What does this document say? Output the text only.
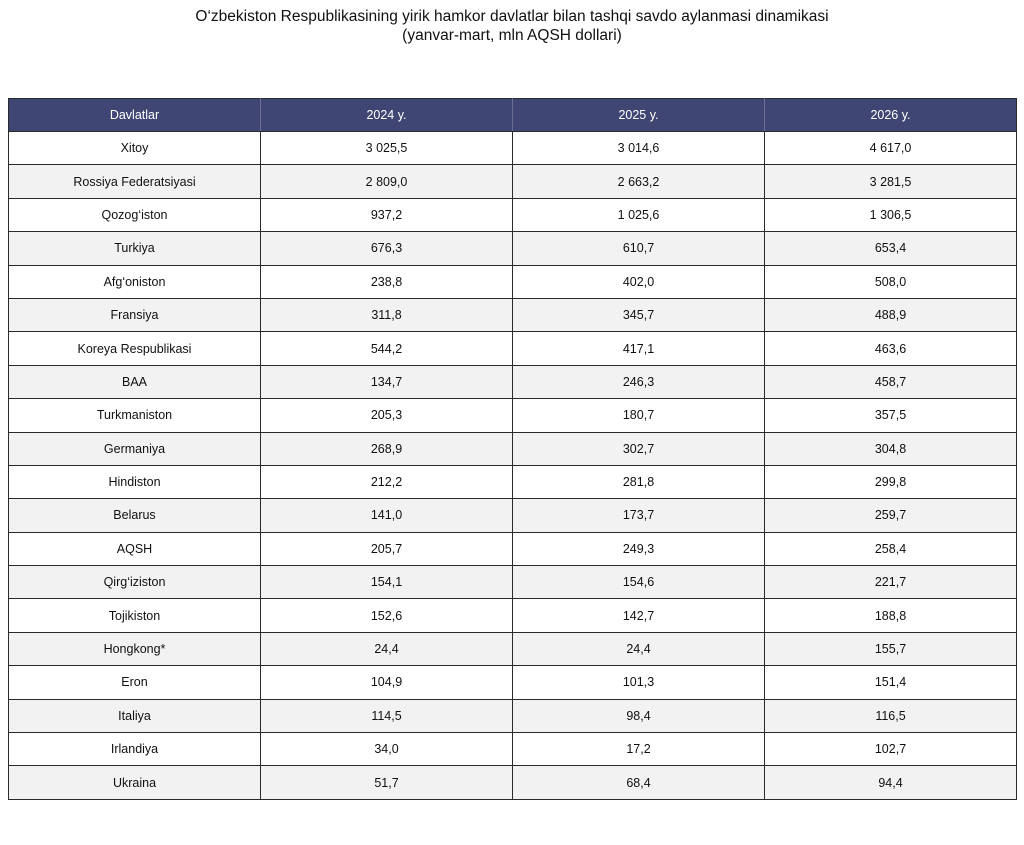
O‘zbekiston Respublikasining yirik hamkor davlatlar bilan tashqi savdo aylanmasi dinamikasi
(yanvar-mart, mln AQSH dollari)
Davlatlar	2024 y.	2025 y.	2026 y.
Xitoy	3 025,5	3 014,6	4 617,0
Rossiya Federatsiyasi	2 809,0	2 663,2	3 281,5
Qozog‘iston	937,2	1 025,6	1 306,5
Turkiya	676,3	610,7	653,4
Afg‘oniston	238,8	402,0	508,0
Fransiya	311,8	345,7	488,9
Koreya Respublikasi	544,2	417,1	463,6
BAA	134,7	246,3	458,7
Turkmaniston	205,3	180,7	357,5
Germaniya	268,9	302,7	304,8
Hindiston	212,2	281,8	299,8
Belarus	141,0	173,7	259,7
AQSH	205,7	249,3	258,4
Qirg‘iziston	154,1	154,6	221,7
Tojikiston	152,6	142,7	188,8
Hongkong*	24,4	24,4	155,7
Eron	104,9	101,3	151,4
Italiya	114,5	98,4	116,5
Irlandiya	34,0	17,2	102,7
Ukraina	51,7	68,4	94,4
